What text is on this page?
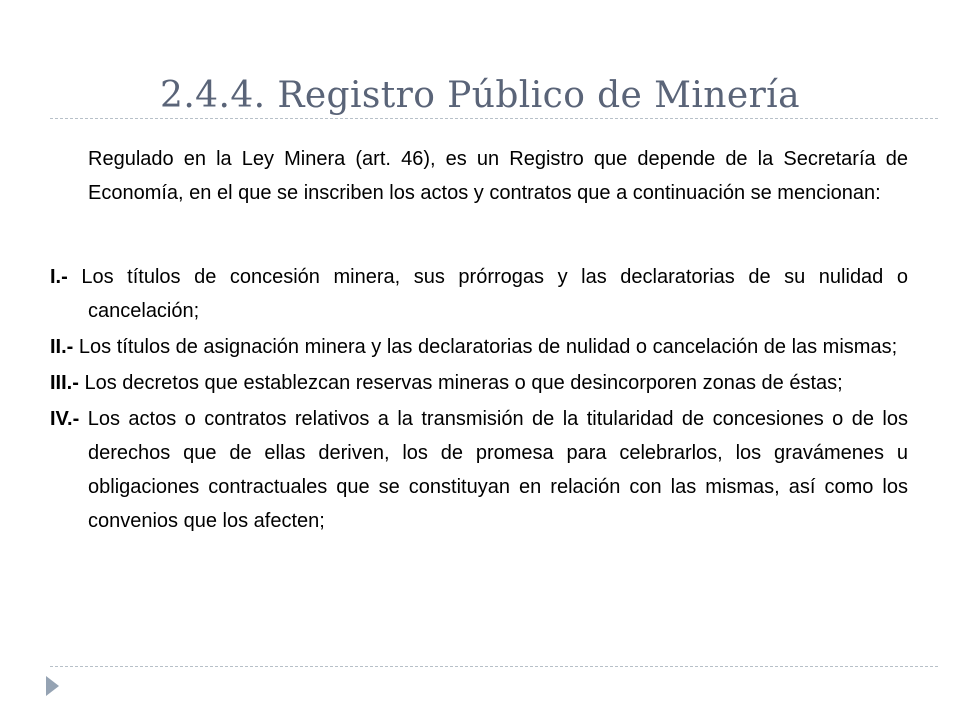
2.4.4. Registro Público de Minería

Regulado en la Ley Minera (art. 46), es un Registro que depende de la Secretaría de Economía, en el que se inscriben los actos y contratos que a continuación se mencionan:

I.- Los títulos de concesión minera, sus prórrogas y las declaratorias de su nulidad o cancelación;
II.- Los títulos de asignación minera y las declaratorias de nulidad o cancelación de las mismas;
III.- Los decretos que establezcan reservas mineras o que desincorporen zonas de éstas;
IV.- Los actos o contratos relativos a la transmisión de la titularidad de concesiones o de los derechos que de ellas deriven, los de promesa para celebrarlos, los gravámenes u obligaciones contractuales que se constituyan en relación con las mismas, así como los convenios que los afecten;
